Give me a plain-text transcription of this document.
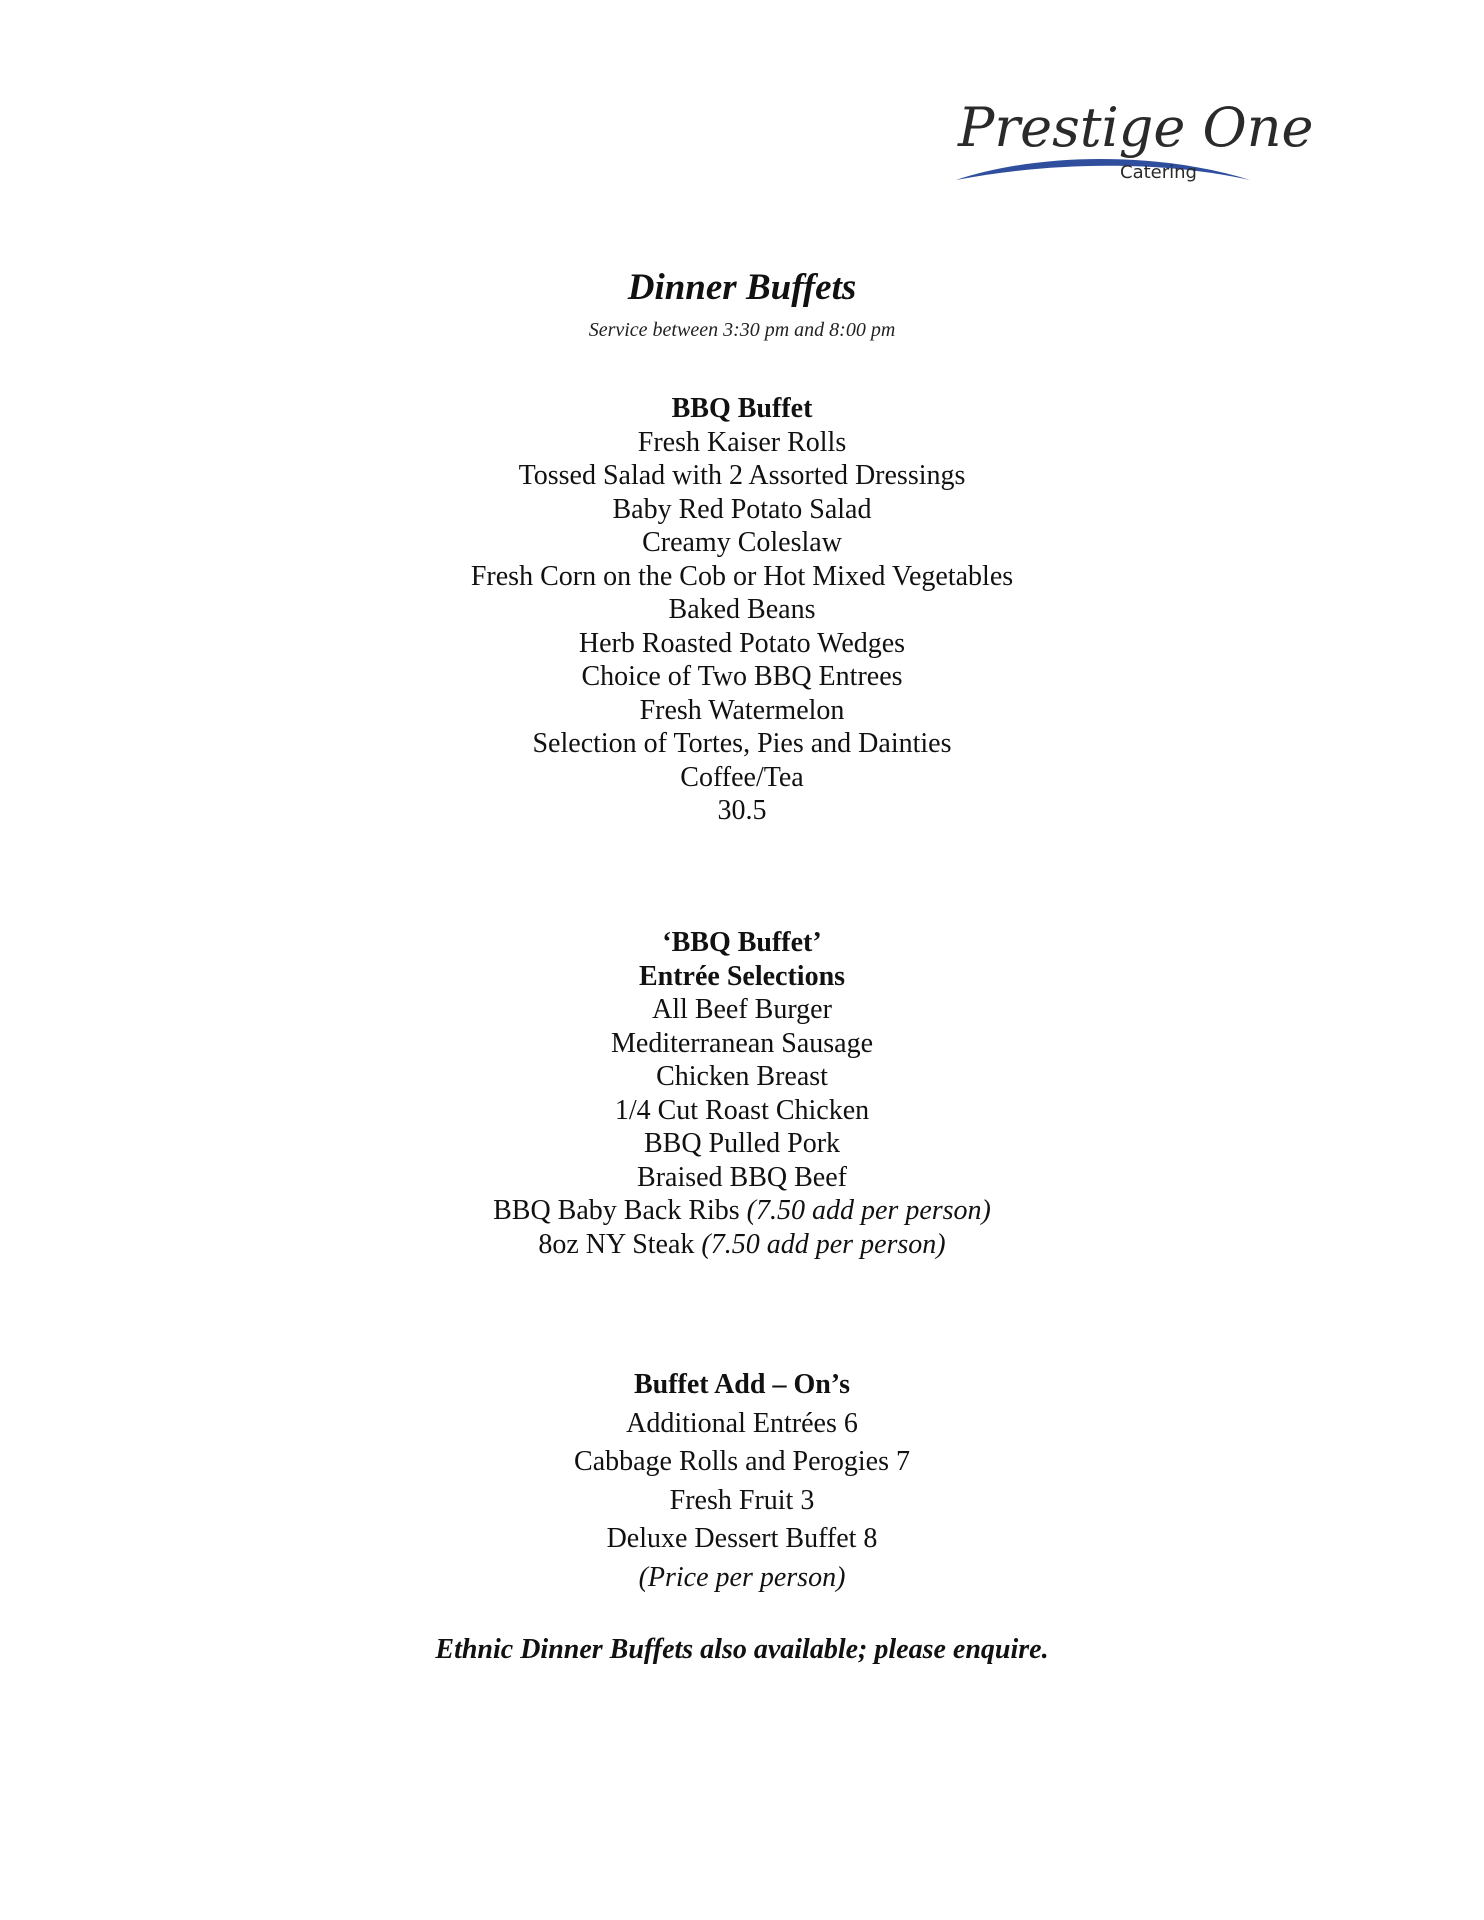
Prestige One
Catering
Dinner Buffets
Service between 3:30 pm and 8:00 pm
BBQ Buffet
Fresh Kaiser Rolls
Tossed Salad with 2 Assorted Dressings
Baby Red Potato Salad
Creamy Coleslaw
Fresh Corn on the Cob or Hot Mixed Vegetables
Baked Beans
Herb Roasted Potato Wedges
Choice of Two BBQ Entrees
Fresh Watermelon
Selection of Tortes, Pies and Dainties
Coffee/Tea
30.5
‘BBQ Buffet’
Entrée Selections
All Beef Burger
Mediterranean Sausage
Chicken Breast
1/4 Cut Roast Chicken
BBQ Pulled Pork
Braised BBQ Beef
BBQ Baby Back Ribs (7.50 add per person)
8oz NY Steak (7.50 add per person)
Buffet Add – On’s
Additional Entrées 6
Cabbage Rolls and Perogies 7
Fresh Fruit 3
Deluxe Dessert Buffet 8
(Price per person)
Ethnic Dinner Buffets also available; please enquire.
